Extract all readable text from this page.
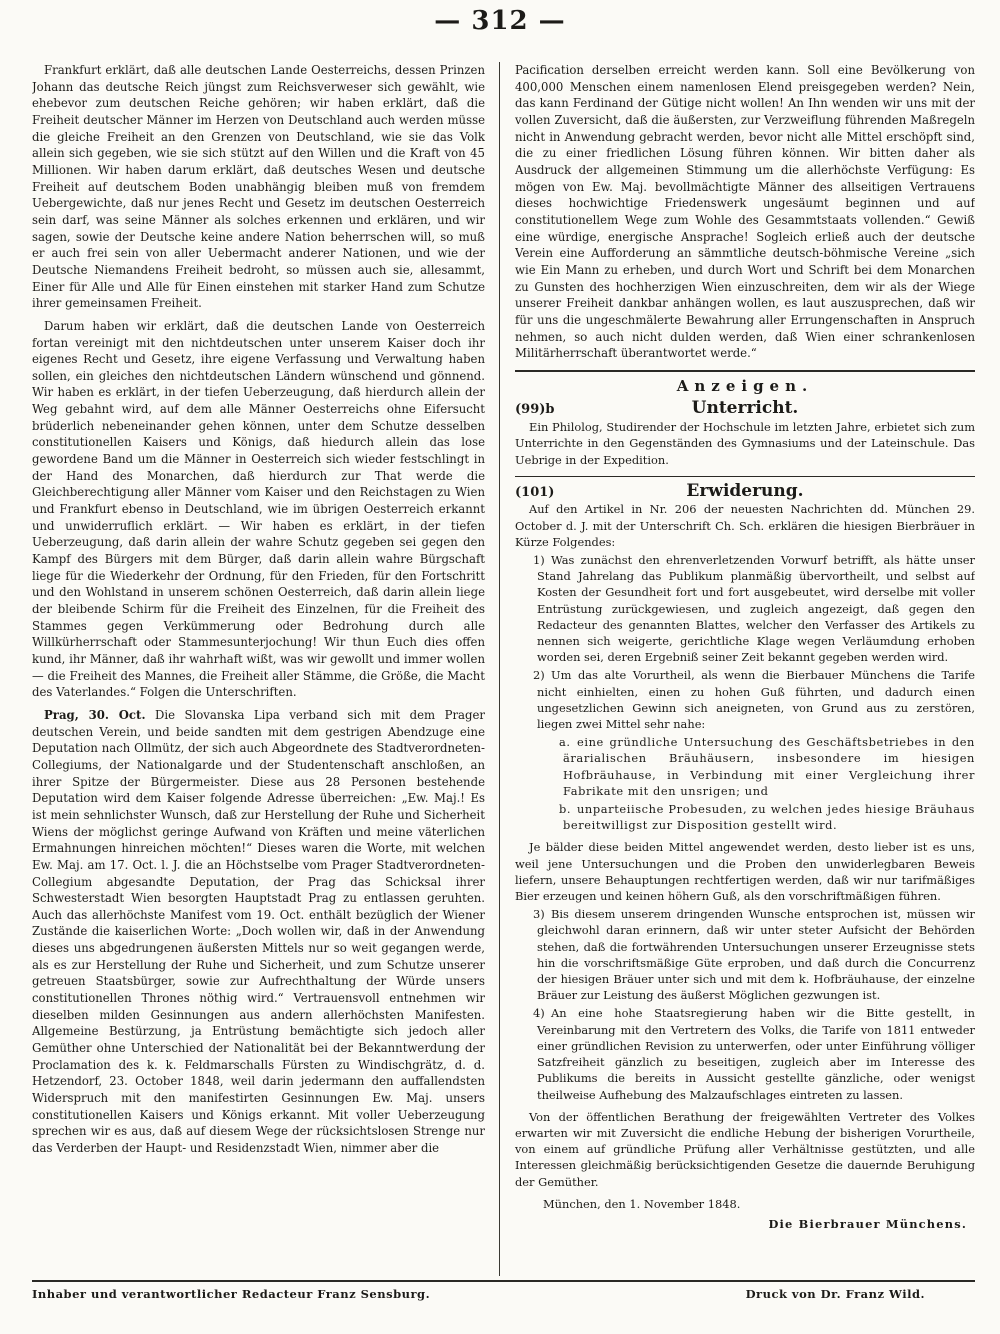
— 312 —

Frankfurt erklärt, daß alle deutschen Lande Oesterreichs, dessen Prinzen Johann das deutsche Reich jüngst zum Reichsverweser sich gewählt, wie ehebevor zum deutschen Reiche gehören; wir haben erklärt, daß die Freiheit deutscher Männer im Herzen von Deutschland auch werden müsse die gleiche Freiheit an den Grenzen von Deutschland, wie sie das Volk allein sich gegeben, wie sie sich stützt auf den Willen und die Kraft von 45 Millionen. Wir haben darum erklärt, daß deutsches Wesen und deutsche Freiheit auf deutschem Boden unabhängig bleiben muß von fremdem Uebergewichte, daß nur jenes Recht und Gesetz im deutschen Oesterreich sein darf, was seine Männer als solches erkennen und erklären, und wir sagen, sowie der Deutsche keine andere Nation beherrschen will, so muß er auch frei sein von aller Uebermacht anderer Nationen, und wie der Deutsche Niemandens Freiheit bedroht, so müssen auch sie, allesammt, Einer für Alle und Alle für Einen einstehen mit starker Hand zum Schutze ihrer gemeinsamen Freiheit.

Darum haben wir erklärt, daß die deutschen Lande von Oesterreich fortan vereinigt mit den nichtdeutschen unter unserem Kaiser doch ihr eigenes Recht und Gesetz, ihre eigene Verfassung und Verwaltung haben sollen, ein gleiches den nichtdeutschen Ländern wünschend und gönnend. Wir haben es erklärt, in der tiefen Ueberzeugung, daß hierdurch allein der Weg gebahnt wird, auf dem alle Männer Oesterreichs ohne Eifersucht brüderlich nebeneinander gehen können, unter dem Schutze desselben constitutionellen Kaisers und Königs, daß hiedurch allein das lose gewordene Band um die Männer in Oesterreich sich wieder festschlingt in der Hand des Monarchen, daß hierdurch zur That werde die Gleichberechtigung aller Männer vom Kaiser und den Reichstagen zu Wien und Frankfurt ebenso in Deutschland, wie im übrigen Oesterreich erkannt und unwiderruflich erklärt. — Wir haben es erklärt, in der tiefen Ueberzeugung, daß darin allein der wahre Schutz gegeben sei gegen den Kampf des Bürgers mit dem Bürger, daß darin allein wahre Bürgschaft liege für die Wiederkehr der Ordnung, für den Frieden, für den Fortschritt und den Wohlstand in unserem schönen Oesterreich, daß darin allein liege der bleibende Schirm für die Freiheit des Einzelnen, für die Freiheit des Stammes gegen Verkümmerung oder Bedrohung durch alle Willkürherrschaft oder Stammesunterjochung! Wir thun Euch dies offen kund, ihr Männer, daß ihr wahrhaft wißt, was wir gewollt und immer wollen — die Freiheit des Mannes, die Freiheit aller Stämme, die Größe, die Macht des Vaterlandes.“ Folgen die Unterschriften.

Prag, 30. Oct. Die Slovanska Lipa verband sich mit dem Prager deutschen Verein, und beide sandten mit dem gestrigen Abendzuge eine Deputation nach Ollmütz, der sich auch Abgeordnete des Stadtverordneten-Collegiums, der Nationalgarde und der Studentenschaft anschloßen, an ihrer Spitze der Bürgermeister. Diese aus 28 Personen bestehende Deputation wird dem Kaiser folgende Adresse überreichen: „Ew. Maj.! Es ist mein sehnlichster Wunsch, daß zur Herstellung der Ruhe und Sicherheit Wiens der möglichst geringe Aufwand von Kräften und meine väterlichen Ermahnungen hinreichen möchten!“ Dieses waren die Worte, mit welchen Ew. Maj. am 17. Oct. l. J. die an Höchstselbe vom Prager Stadtverordneten-Collegium abgesandte Deputation, der Prag das Schicksal ihrer Schwesterstadt Wien besorgten Hauptstadt Prag zu entlassen geruhten. Auch das allerhöchste Manifest vom 19. Oct. enthält bezüglich der Wiener Zustände die kaiserlichen Worte: „Doch wollen wir, daß in der Anwendung dieses uns abgedrungenen äußersten Mittels nur so weit gegangen werde, als es zur Herstellung der Ruhe und Sicherheit, und zum Schutze unserer getreuen Staatsbürger, sowie zur Aufrechthaltung der Würde unsers constitutionellen Thrones nöthig wird.“ Vertrauensvoll entnehmen wir dieselben milden Gesinnungen aus andern allerhöchsten Manifesten. Allgemeine Bestürzung, ja Entrüstung bemächtigte sich jedoch aller Gemüther ohne Unterschied der Nationalität bei der Bekanntwerdung der Proclamation des k. k. Feldmarschalls Fürsten zu Windischgrätz, d. d. Hetzendorf, 23. October 1848, weil darin jedermann den auffallendsten Widerspruch mit den manifestirten Gesinnungen Ew. Maj. unsers constitutionellen Kaisers und Königs erkannt. Mit voller Ueberzeugung sprechen wir es aus, daß auf diesem Wege der rücksichtslosen Strenge nur das Verderben der Haupt- und Residenzstadt Wien, nimmer aber die

Pacification derselben erreicht werden kann. Soll eine Bevölkerung von 400,000 Menschen einem namenlosen Elend preisgegeben werden? Nein, das kann Ferdinand der Gütige nicht wollen! An Ihn wenden wir uns mit der vollen Zuversicht, daß die äußersten, zur Verzweiflung führenden Maßregeln nicht in Anwendung gebracht werden, bevor nicht alle Mittel erschöpft sind, die zu einer friedlichen Lösung führen können. Wir bitten daher als Ausdruck der allgemeinen Stimmung um die allerhöchste Verfügung: Es mögen von Ew. Maj. bevollmächtigte Männer des allseitigen Vertrauens dieses hochwichtige Friedenswerk ungesäumt beginnen und auf constitutionellem Wege zum Wohle des Gesammtstaats vollenden.“ Gewiß eine würdige, energische Ansprache! Sogleich erließ auch der deutsche Verein eine Aufforderung an sämmtliche deutsch-böhmische Vereine „sich wie Ein Mann zu erheben, und durch Wort und Schrift bei dem Monarchen zu Gunsten des hochherzigen Wien einzuschreiten, dem wir als der Wiege unserer Freiheit dankbar anhängen wollen, es laut auszusprechen, daß wir für uns die ungeschmälerte Bewahrung aller Errungenschaften in Anspruch nehmen, so auch nicht dulden werden, daß Wien einer schrankenlosen Militärherrschaft überantwortet werde.“

Anzeigen.
(99)b	Unterricht.

Ein Philolog, Studirender der Hochschule im letzten Jahre, erbietet sich zum Unterrichte in den Gegenständen des Gymnasiums und der Lateinschule. Das Uebrige in der Expedition.

(101)	Erwiderung.

Auf den Artikel in Nr. 206 der neuesten Nachrichten dd. München 29. October d. J. mit der Unterschrift Ch. Sch. erklären die hiesigen Bierbräuer in Kürze Folgendes:

1) Was zunächst den ehrenverletzenden Vorwurf betrifft, als hätte unser Stand Jahrelang das Publikum planmäßig übervortheilt, und selbst auf Kosten der Gesundheit fort und fort ausgebeutet, wird derselbe mit voller Entrüstung zurückgewiesen, und zugleich angezeigt, daß gegen den Redacteur des genannten Blattes, welcher den Verfasser des Artikels zu nennen sich weigerte, gerichtliche Klage wegen Verläumdung erhoben worden sei, deren Ergebniß seiner Zeit bekannt gegeben werden wird.

2) Um das alte Vorurtheil, als wenn die Bierbauer Münchens die Tarife nicht einhielten, einen zu hohen Guß führten, und dadurch einen ungesetzlichen Gewinn sich aneigneten, von Grund aus zu zerstören, liegen zwei Mittel sehr nahe:

a. eine gründliche Untersuchung des Geschäftsbetriebes in den ärarialischen Bräuhäusern, insbesondere im hiesigen Hofbräuhause, in Verbindung mit einer Vergleichung ihrer Fabrikate mit den unsrigen; und

b. unparteiische Probesuden, zu welchen jedes hiesige Bräuhaus bereitwilligst zur Disposition gestellt wird.

Je bälder diese beiden Mittel angewendet werden, desto lieber ist es uns, weil jene Untersuchungen und die Proben den unwiderlegbaren Beweis liefern, unsere Behauptungen rechtfertigen werden, daß wir nur tarifmäßiges Bier erzeugen und keinen höhern Guß, als den vorschriftmäßigen führen.

3) Bis diesem unserem dringenden Wunsche entsprochen ist, müssen wir gleichwohl daran erinnern, daß wir unter steter Aufsicht der Behörden stehen, daß die fortwährenden Untersuchungen unserer Erzeugnisse stets hin die vorschriftsmäßige Güte erproben, und daß durch die Concurrenz der hiesigen Bräuer unter sich und mit dem k. Hofbräuhause, der einzelne Bräuer zur Leistung des äußerst Möglichen gezwungen ist.

4) An eine hohe Staatsregierung haben wir die Bitte gestellt, in Vereinbarung mit den Vertretern des Volks, die Tarife von 1811 entweder einer gründlichen Revision zu unterwerfen, oder unter Einführung völliger Satzfreiheit gänzlich zu beseitigen, zugleich aber im Interesse des Publikums die bereits in Aussicht gestellte gänzliche, oder wenigst theilweise Aufhebung des Malzaufschlages eintreten zu lassen.

Von der öffentlichen Berathung der freigewählten Vertreter des Volkes erwarten wir mit Zuversicht die endliche Hebung der bisherigen Vorurtheile, von einem auf gründliche Prüfung aller Verhältnisse gestützten, und alle Interessen gleichmäßig berücksichtigenden Gesetze die dauernde Beruhigung der Gemüther.

München, den 1. November 1848.

Die Bierbrauer Münchens.
Inhaber und verantwortlicher Redacteur Franz Sensburg.	Druck von Dr. Franz Wild.
